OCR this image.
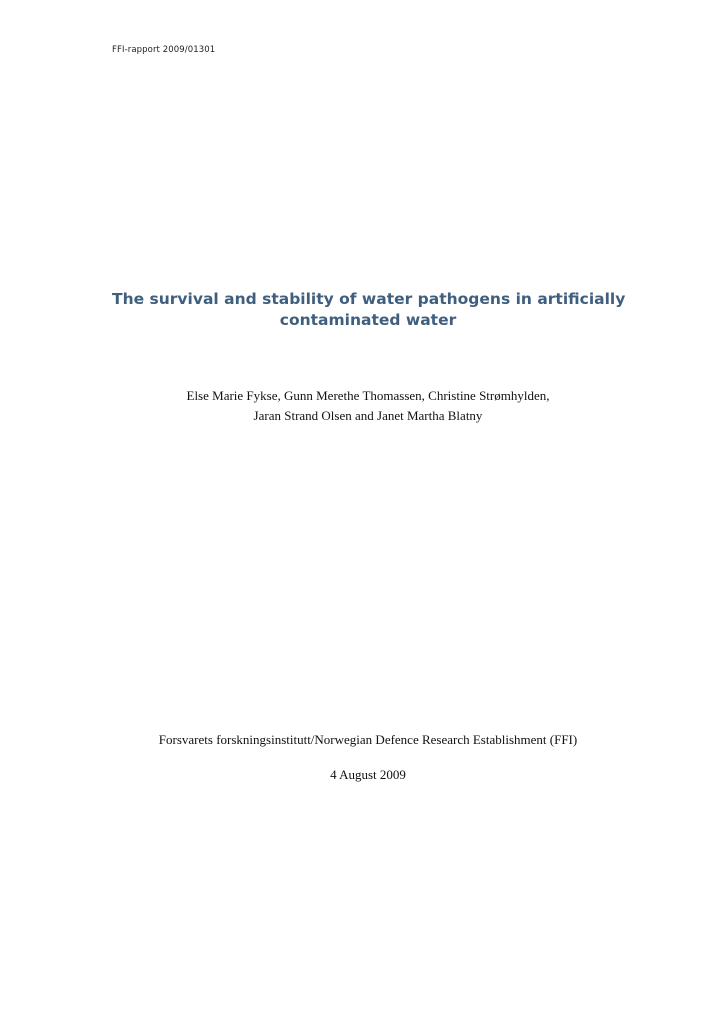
FFI-rapport 2009/01301
The survival and stability of water pathogens in artificially
contaminated water
Else Marie Fykse, Gunn Merethe Thomassen, Christine Strømhylden,
Jaran Strand Olsen and Janet Martha Blatny
Forsvarets forskningsinstitutt/Norwegian Defence Research Establishment (FFI)
4 August 2009
